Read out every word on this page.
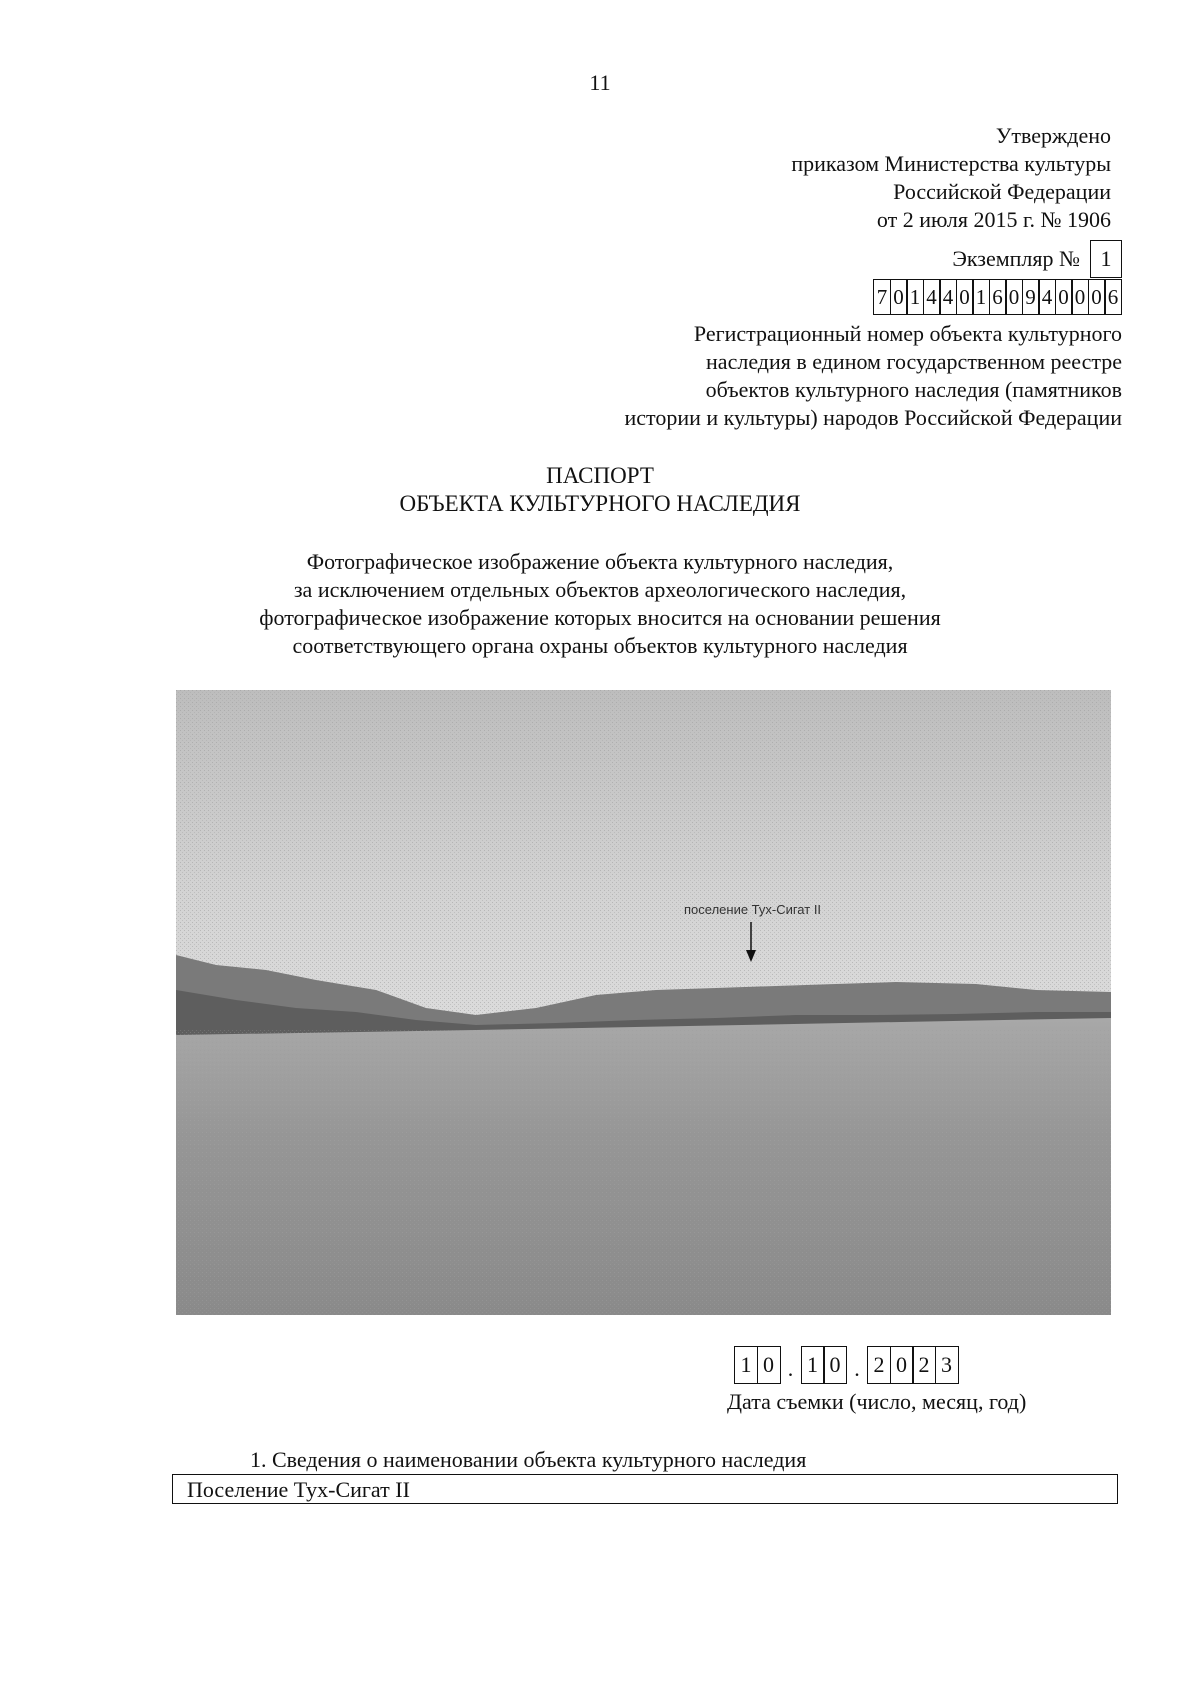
11
Утверждено
приказом Министерства культуры
Российской Федерации
от 2 июля 2015 г. № 1906
Экземпляр № 1
7 0 1 4 4 0 1 6 0 9 4 0 0 0 6
Регистрационный номер объекта культурного
наследия в едином государственном реестре
объектов культурного наследия (памятников
истории и культуры) народов Российской Федерации
ПАСПОРТ
ОБЪЕКТА КУЛЬТУРНОГО НАСЛЕДИЯ
Фотографическое изображение объекта культурного наследия,
за исключением отдельных объектов археологического наследия,
фотографическое изображение которых вносится на основании решения
соответствующего органа охраны объектов культурного наследия
поселение Тух-Сигат II
1 0 . 1 0 . 2 0 2 3
Дата съемки (число, месяц, год)
1. Сведения о наименовании объекта культурного наследия
Поселение Тух-Сигат II
